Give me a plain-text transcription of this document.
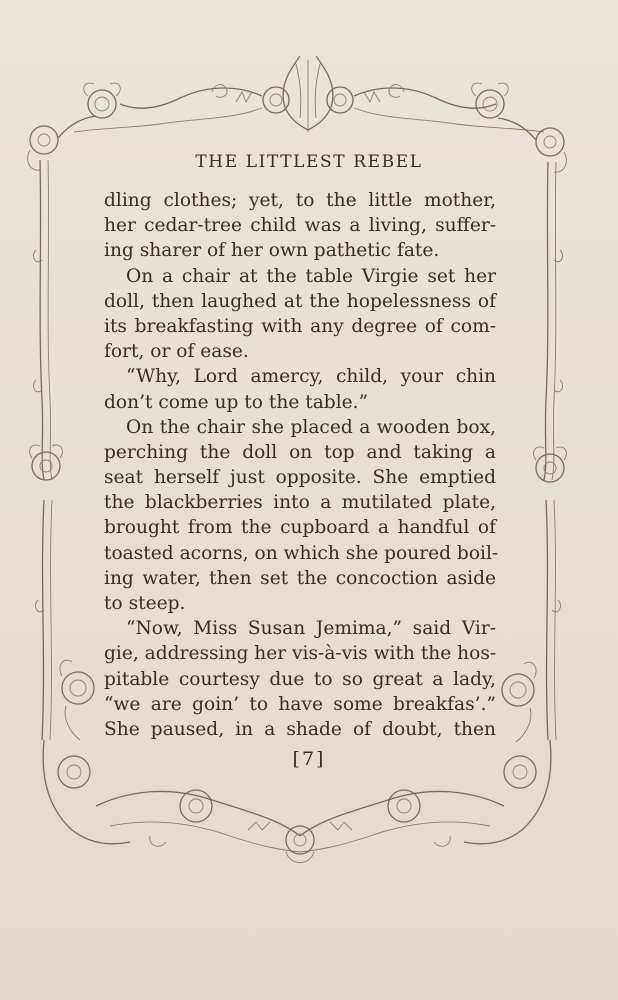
THE LITTLEST REBEL
dling clothes; yet, to the little mother,
her cedar-tree child was a living, suffer-
ing sharer of her own pathetic fate.
On a chair at the table Virgie set her
doll, then laughed at the hopelessness of
its breakfasting with any degree of com-
fort, or of ease.
“Why, Lord amercy, child, your chin
don’t come up to the table.”
On the chair she placed a wooden box,
perching the doll on top and taking a
seat herself just opposite. She emptied
the blackberries into a mutilated plate,
brought from the cupboard a handful of
toasted acorns, on which she poured boil-
ing water, then set the concoction aside
to steep.
“Now, Miss Susan Jemima,” said Vir-
gie, addressing her vis-à-vis with the hos-
pitable courtesy due to so great a lady,
“we are goin’ to have some breakfas’.”
She paused, in a shade of doubt, then
[7]
